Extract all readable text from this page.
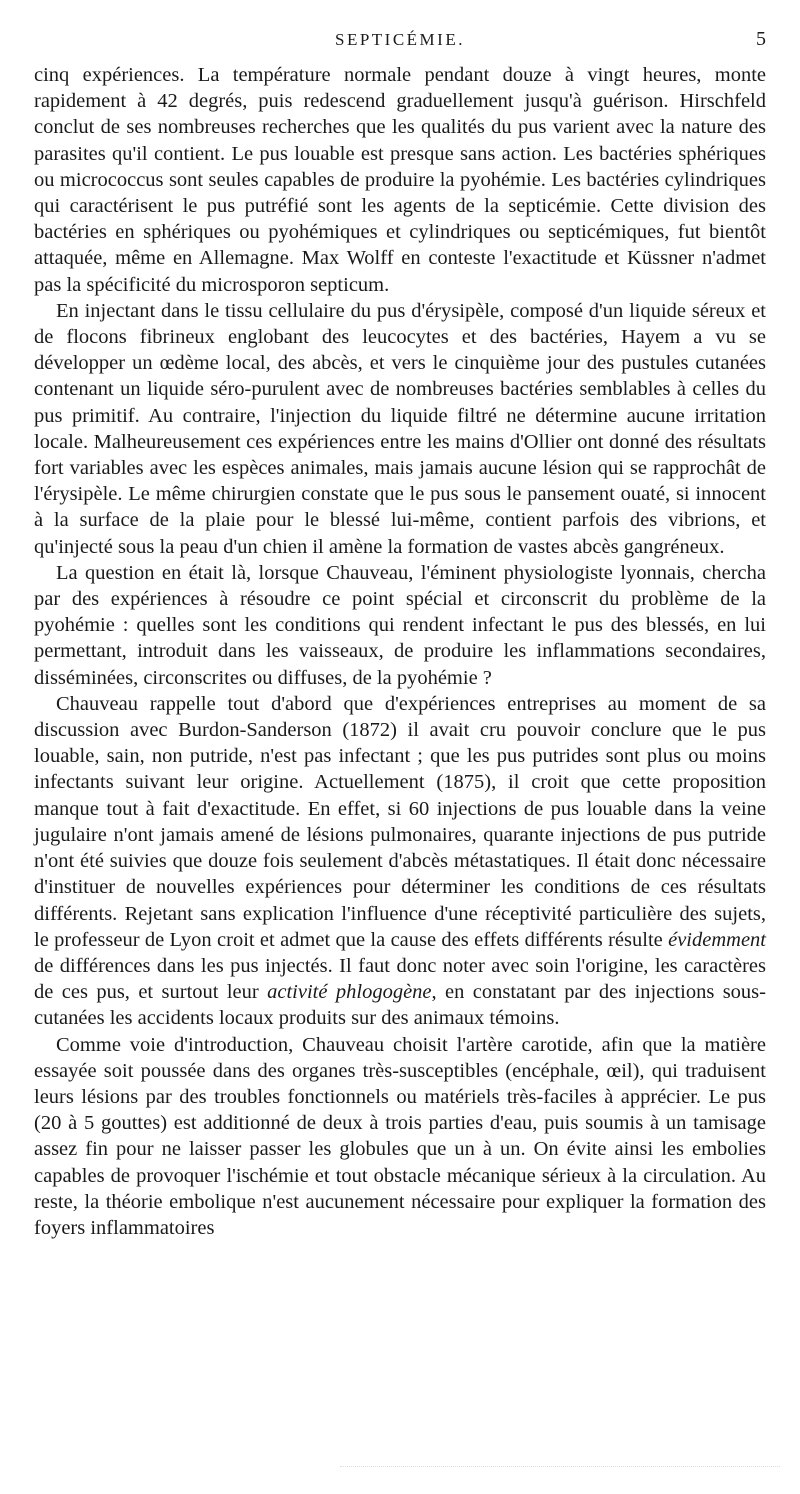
SEPTICÉMIE.	5

cinq expériences. La température normale pendant douze à vingt heures, monte rapidement à 42 degrés, puis redescend graduellement jusqu'à guérison. Hirschfeld conclut de ses nombreuses recherches que les qualités du pus varient avec la nature des parasites qu'il contient. Le pus louable est presque sans action. Les bactéries sphériques ou micrococcus sont seules capables de produire la pyohémie. Les bactéries cylindriques qui caractérisent le pus putréfié sont les agents de la septicémie. Cette division des bactéries en sphériques ou pyohémiques et cylindriques ou septicémiques, fut bientôt attaquée, même en Allemagne. Max Wolff en conteste l'exactitude et Küssner n'admet pas la spécificité du microsporon septicum.

En injectant dans le tissu cellulaire du pus d'érysipèle, composé d'un liquide séreux et de flocons fibrineux englobant des leucocytes et des bactéries, Hayem a vu se développer un œdème local, des abcès, et vers le cinquième jour des pustules cutanées contenant un liquide séro-purulent avec de nombreuses bactéries semblables à celles du pus primitif. Au contraire, l'injection du liquide filtré ne détermine aucune irritation locale. Malheureusement ces expériences entre les mains d'Ollier ont donné des résultats fort variables avec les espèces animales, mais jamais aucune lésion qui se rapprochât de l'érysipèle. Le même chirurgien constate que le pus sous le pansement ouaté, si innocent à la surface de la plaie pour le blessé lui-même, contient parfois des vibrions, et qu'injecté sous la peau d'un chien il amène la formation de vastes abcès gangréneux.

La question en était là, lorsque Chauveau, l'éminent physiologiste lyonnais, chercha par des expériences à résoudre ce point spécial et circonscrit du problème de la pyohémie : quelles sont les conditions qui rendent infectant le pus des blessés, en lui permettant, introduit dans les vaisseaux, de produire les inflammations secondaires, disséminées, circonscrites ou diffuses, de la pyohémie ?

Chauveau rappelle tout d'abord que d'expériences entreprises au moment de sa discussion avec Burdon-Sanderson (1872) il avait cru pouvoir conclure que le pus louable, sain, non putride, n'est pas infectant ; que les pus putrides sont plus ou moins infectants suivant leur origine. Actuellement (1875), il croit que cette proposition manque tout à fait d'exactitude. En effet, si 60 injections de pus louable dans la veine jugulaire n'ont jamais amené de lésions pulmonaires, quarante injections de pus putride n'ont été suivies que douze fois seulement d'abcès métastatiques. Il était donc nécessaire d'instituer de nouvelles expériences pour déterminer les conditions de ces résultats différents. Rejetant sans explication l'influence d'une réceptivité particulière des sujets, le professeur de Lyon croit et admet que la cause des effets différents résulte évidemment de différences dans les pus injectés. Il faut donc noter avec soin l'origine, les caractères de ces pus, et surtout leur activité phlogogène, en constatant par des injections sous-cutanées les accidents locaux produits sur des animaux témoins.

Comme voie d'introduction, Chauveau choisit l'artère carotide, afin que la matière essayée soit poussée dans des organes très-susceptibles (encéphale, œil), qui traduisent leurs lésions par des troubles fonctionnels ou matériels très-faciles à apprécier. Le pus (20 à 5 gouttes) est additionné de deux à trois parties d'eau, puis soumis à un tamisage assez fin pour ne laisser passer les globules que un à un. On évite ainsi les embolies capables de provoquer l'ischémie et tout obstacle mécanique sérieux à la circulation. Au reste, la théorie embolique n'est aucunement nécessaire pour expliquer la formation des foyers inflammatoires
